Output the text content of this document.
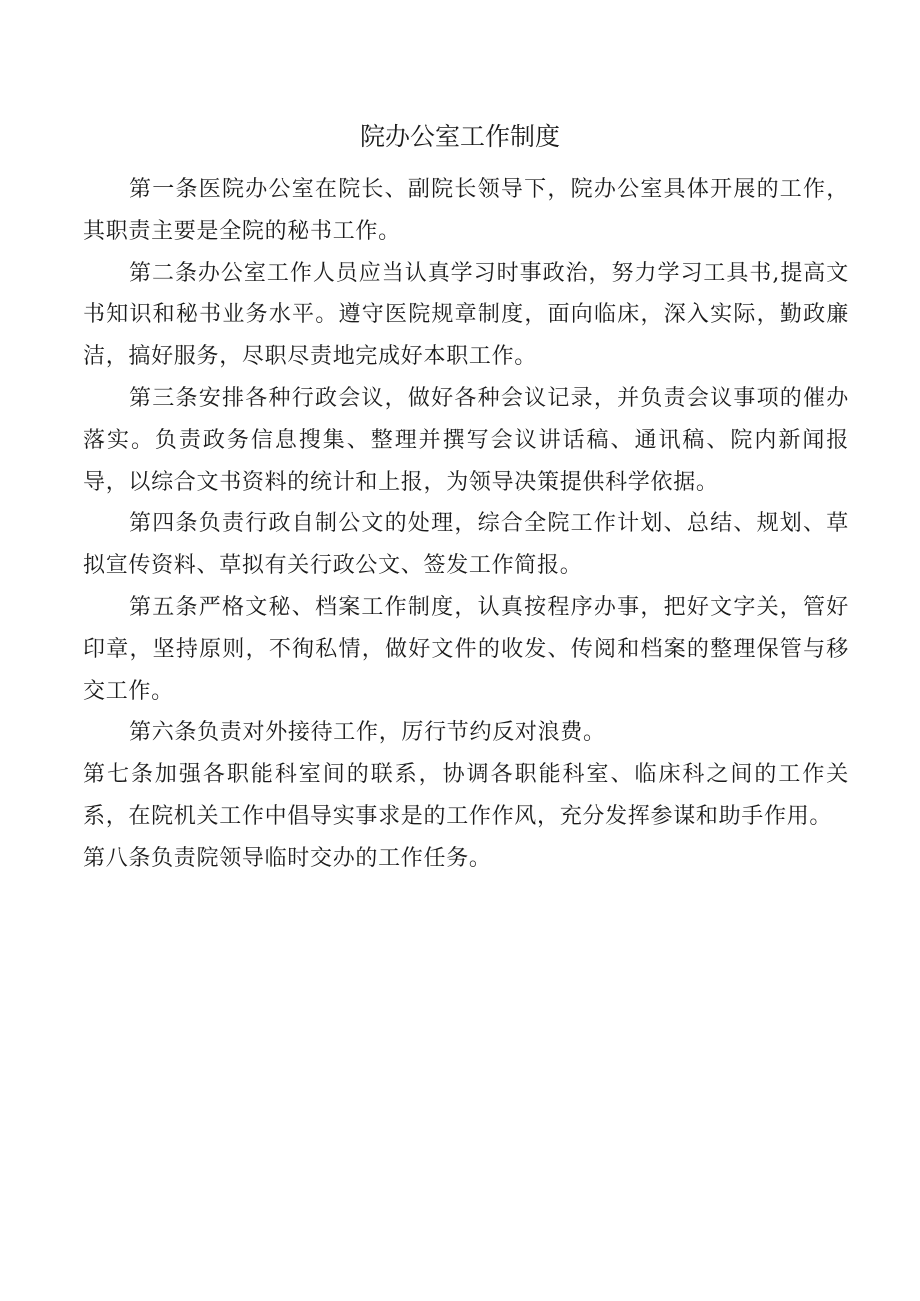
院办公室工作制度

第一条医院办公室在院长、副院长领导下，院办公室具体开展的工作，其职责主要是全院的秘书工作。

第二条办公室工作人员应当认真学习时事政治，努力学习工具书,提高文书知识和秘书业务水平。遵守医院规章制度，面向临床，深入实际，勤政廉洁，搞好服务，尽职尽责地完成好本职工作。

第三条安排各种行政会议，做好各种会议记录，并负责会议事项的催办落实。负责政务信息搜集、整理并撰写会议讲话稿、通讯稿、院内新闻报导，以综合文书资料的统计和上报，为领导决策提供科学依据。

第四条负责行政自制公文的处理，综合全院工作计划、总结、规划、草拟宣传资料、草拟有关行政公文、签发工作简报。

第五条严格文秘、档案工作制度，认真按程序办事，把好文字关，管好印章，坚持原则，不徇私情，做好文件的收发、传阅和档案的整理保管与移交工作。

第六条负责对外接待工作，厉行节约反对浪费。

第七条加强各职能科室间的联系，协调各职能科室、临床科之间的工作关系，在院机关工作中倡导实事求是的工作作风，充分发挥参谋和助手作用。

第八条负责院领导临时交办的工作任务。
